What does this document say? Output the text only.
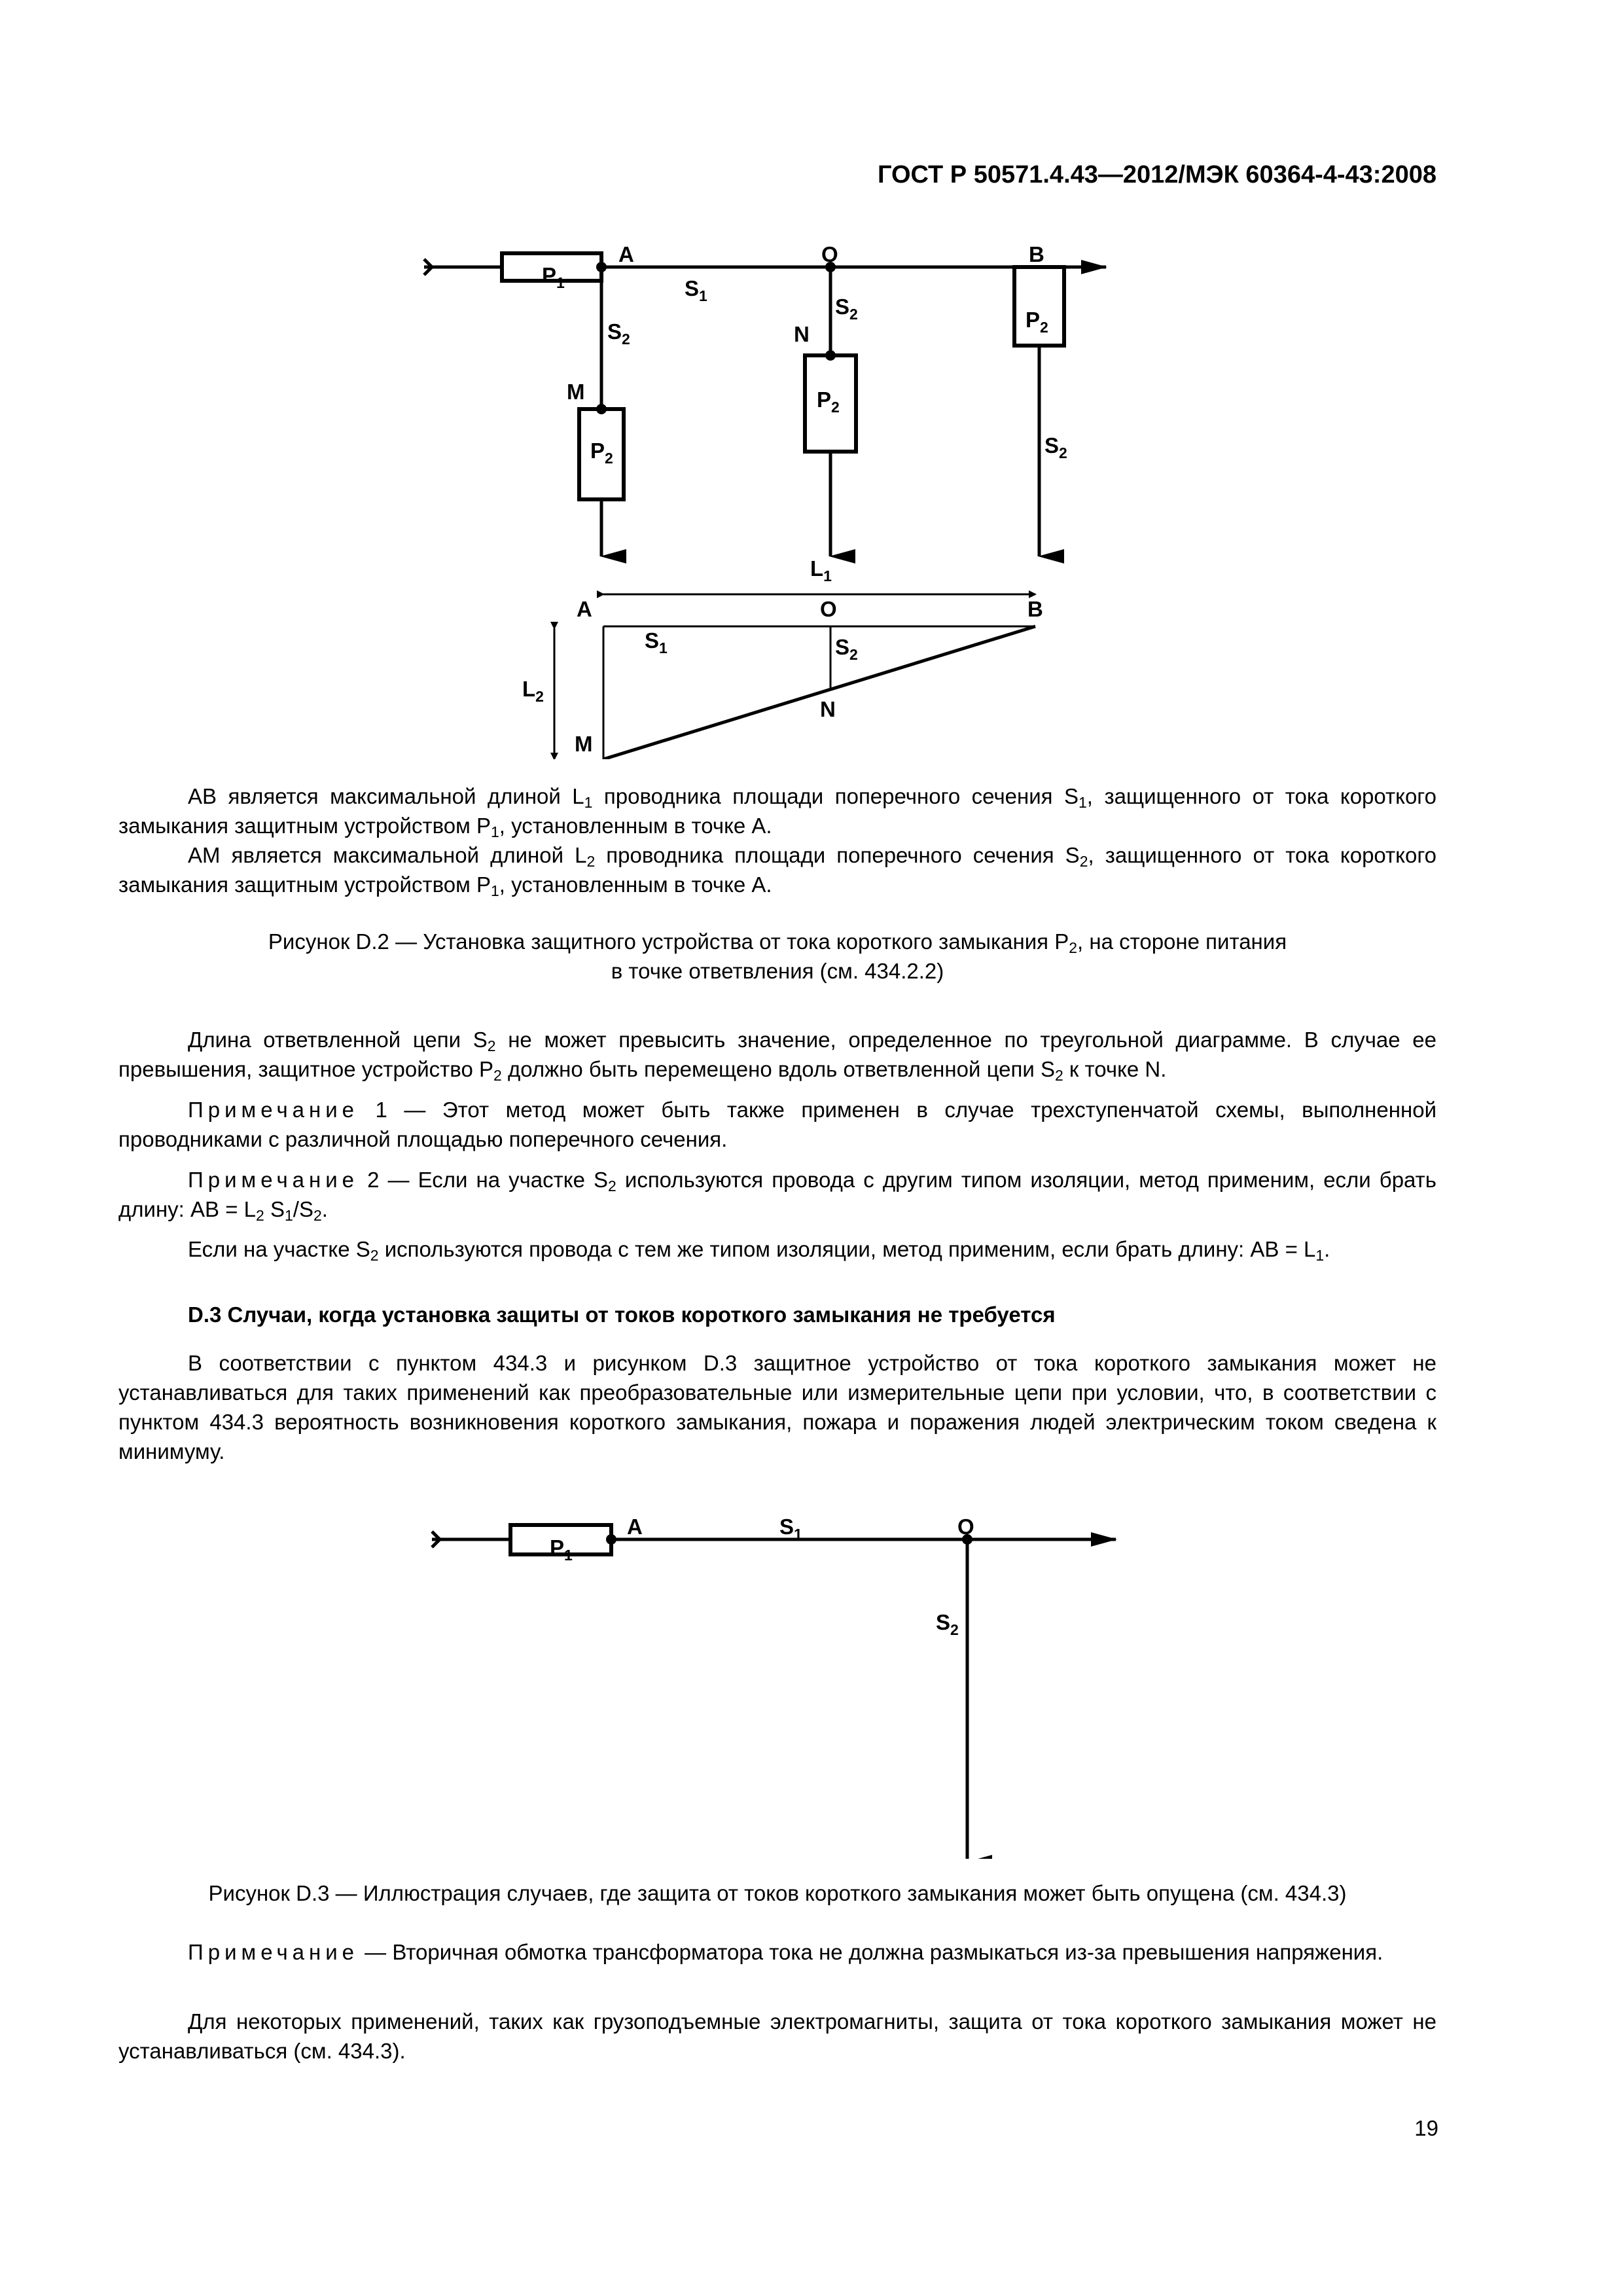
ГОСТ Р 50571.4.43—2012/МЭК 60364-4-43:2008
$P_1$
A
$S_1$
O	B
$S_2$
$S_2$
N
$P_2$
$P_2$
$S_2$
M
$P_2$
$L_1$
A	O	B
$S_1$	$S_2$
$L_2$
N
M
AB является максимальной длиной $L_1$ проводника площади поперечного сечения $S_1$, защищенного от тока короткого замыкания защитным устройством $P_1$, установленным в точке A.
AM является максимальной длиной $L_2$ проводника площади поперечного сечения $S_2$, защищенного от тока короткого замыкания защитным устройством $P_1$, установленным в точке A.
Рисунок D.2 — Установка защитного устройства от тока короткого замыкания $P_2$, на стороне питания
в точке ответвления (см. 434.2.2)
Длина ответвленной цепи $S_2$ не может превысить значение, определенное по треугольной диаграмме. В случае ее превышения, защитное устройство $P_2$ должно быть перемещено вдоль ответвленной цепи $S_2$ к точке N.
Примечание 1 — Этот метод может быть также применен в случае трехступенчатой схемы, выполненной проводниками с различной площадью поперечного сечения.
Примечание 2 — Если на участке $S_2$ используются провода с другим типом изоляции, метод применим, если брать длину: AB = $L_2$ $S_1/S_2$.
Если на участке $S_2$ используются провода с тем же типом изоляции, метод применим, если брать длину: AB = $L_1$.
D.3 Случаи, когда установка защиты от токов короткого замыкания не требуется
В соответствии с пунктом 434.3 и рисунком D.3 защитное устройство от тока короткого замыкания может не устанавливаться для таких применений как преобразовательные или измерительные цепи при условии, что, в соответствии с пунктом 434.3 вероятность возникновения короткого замыкания, пожара и поражения людей электрическим током сведена к минимуму.
$P_1$
A	$S_1$	O
$S_2$
Рисунок D.3 — Иллюстрация случаев, где защита от токов короткого замыкания может быть опущена (см. 434.3)
Примечание — Вторичная обмотка трансформатора тока не должна размыкаться из-за превышения напряжения.
Для некоторых применений, таких как грузоподъемные электромагниты, защита от тока короткого замыкания может не устанавливаться (см. 434.3).
19
